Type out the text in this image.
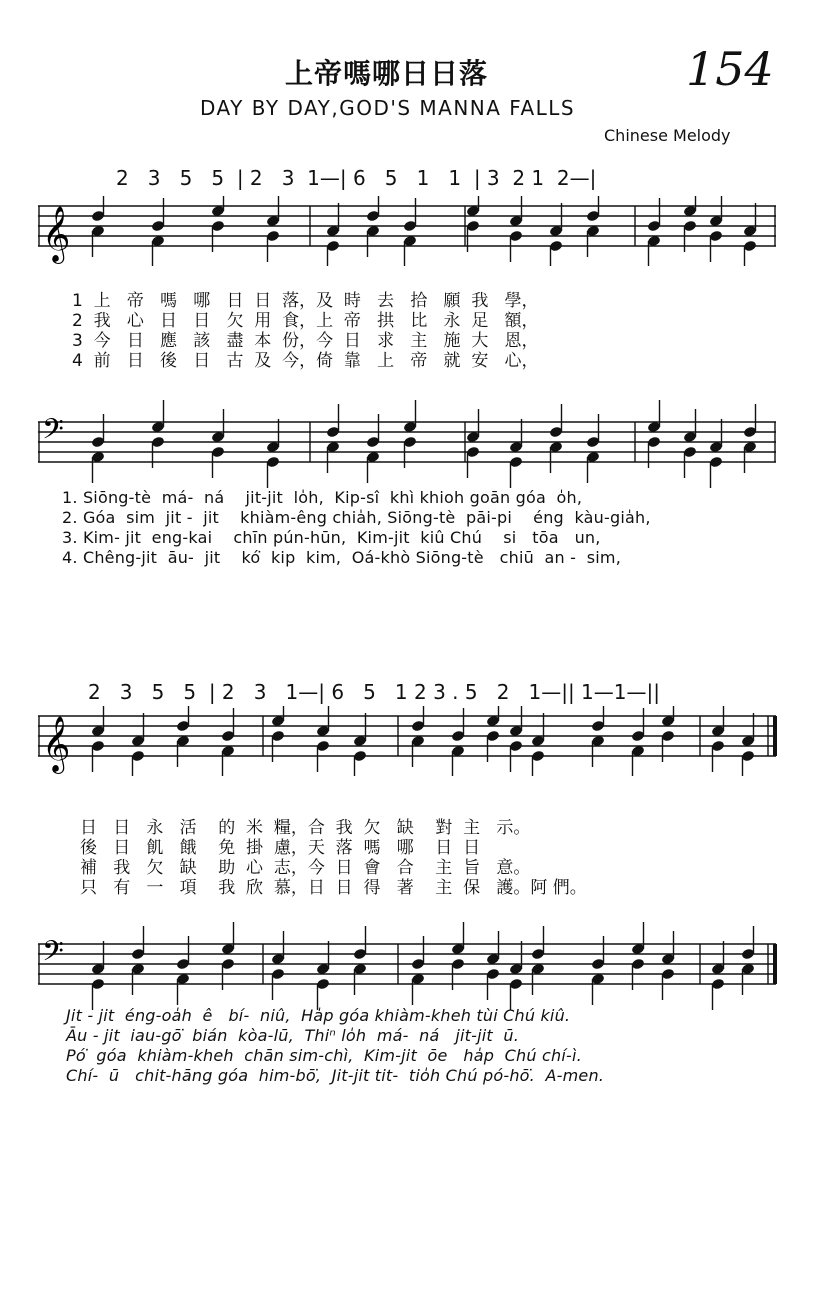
上帝嗎哪日日落	154
DAY BY DAY,GOD'S MANNA FALLS
Chinese Melody
2   3   5   5  | 2   3  1—| 6   5   1   1  | 3  2 1  2—|
𝄞
1  上   帝   嗎   哪   日  日  落，及  時   去   拾   願  我   學，
2  我   心   日   日   欠  用  食，上  帝   拱   比   永  足   額，
3  今   日   應   該   盡  本  份，今  日   求   主   施  大   恩，
4  前   日   後   日   古  及  今，倚  靠   上   帝   就  安   心，
𝄢
1. Siōng-tè  má-  ná    jit-jit  lo̍h,  Kip-sî  khì khioh goān góa  o̍h,
2. Góa  sim  jit -  jit    khiàm-êng chia̍h, Siōng-tè  pāi-pi    éng  kàu-gia̍h,
3. Kim- jit  eng-kai    chīn pún-hūn,  Kim-jit  kiû Chú    si   tōa   un,
4. Chêng-jit  āu-  jit    kó͘  kip  kim,  Oá-khò Siōng-tè   chiū  an -  sim,
2   3   5   5  | 2   3   1—| 6   5   1 2 3 . 5   2   1—|| 1—1—||
𝄞
日   日   永   活    的  米  糧，合  我  欠   缺    對  主   示。
後   日   飢   餓    免  掛  慮，天  落  嗎   哪    日  日
補   我   欠   缺    助  心  志，今  日  會   合    主  旨   意。
只   有   一   項    我  欣  慕，日  日  得   著    主  保   護。阿 們。
𝄢
Jit - jit  éng-oa̍h  ê   bí-  niû,  Ha̍p góa khiàm-kheh tùi Chú kiû.
Āu - jit  iau-gō͘  bián  kòa-lū,  Thiⁿ lo̍h  má-  ná   jit-jit  ū.
Pó͘  góa  khiàm-kheh  chān sim-chì,  Kim-jit  ōe   ha̍p  Chú chí-ì.
Chí-  ū   chit-hāng góa  him-bō͘,  Jit-jit tit-  tio̍h Chú pó-hō͘.  A-men.
